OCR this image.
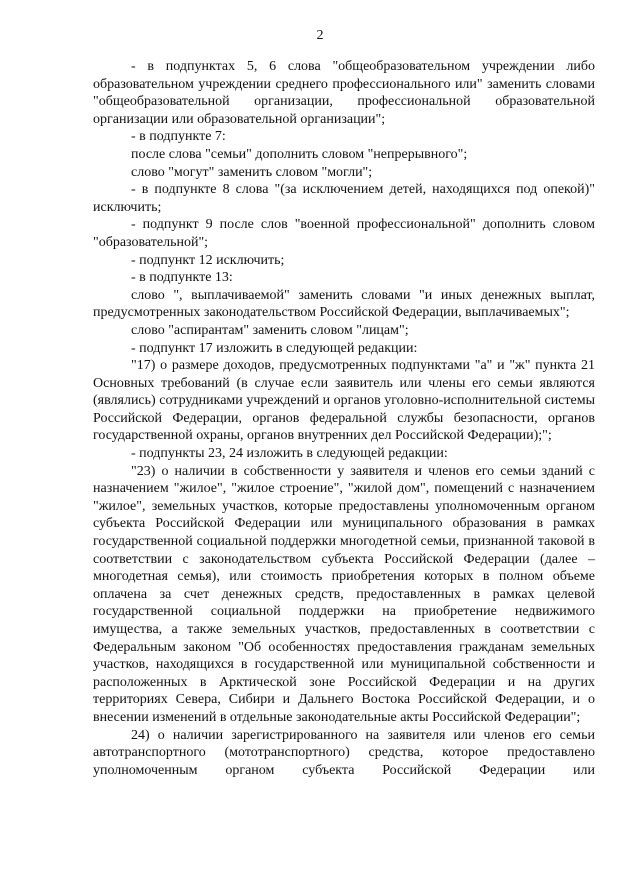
2

- в подпунктах 5, 6 слова "общеобразовательном учреждении либо образовательном учреждении среднего профессионального или" заменить словами "общеобразовательной организации, профессиональной образовательной организации или образовательной организации";

- в подпункте 7:

после слова "семьи" дополнить словом "непрерывного";

слово "могут" заменить словом "могли";

- в подпункте 8 слова "(за исключением детей, находящихся под опекой)" исключить;

- подпункт 9 после слов "военной профессиональной" дополнить словом "образовательной";

- подпункт 12 исключить;

- в подпункте 13:

слово ", выплачиваемой" заменить словами "и иных денежных выплат, предусмотренных законодательством Российской Федерации, выплачиваемых";

слово "аспирантам" заменить словом "лицам";

- подпункт 17 изложить в следующей редакции:

"17) о размере доходов, предусмотренных подпунктами "а" и "ж" пункта 21 Основных требований (в случае если заявитель или члены его семьи являются (являлись) сотрудниками учреждений и органов уголовно-исполнительной системы Российской Федерации, органов федеральной службы безопасности, органов государственной охраны, органов внутренних дел Российской Федерации);";

- подпункты 23, 24 изложить в следующей редакции:

"23) о наличии в собственности у заявителя и членов его семьи зданий с назначением "жилое", "жилое строение", "жилой дом", помещений с назначением "жилое", земельных участков, которые предоставлены уполномоченным органом субъекта Российской Федерации или муниципального образования в рамках государственной социальной поддержки многодетной семьи, признанной таковой в соответствии с законодательством субъекта Российской Федерации (далее – многодетная семья), или стоимость приобретения которых в полном объеме оплачена за счет денежных средств, предоставленных в рамках целевой государственной социальной поддержки на приобретение недвижимого имущества, а также земельных участков, предоставленных в соответствии с Федеральным законом "Об особенностях предоставления гражданам земельных участков, находящихся в государственной или муниципальной собственности и расположенных в Арктической зоне Российской Федерации и на других территориях Севера, Сибири и Дальнего Востока Российской Федерации, и о внесении изменений в отдельные законодательные акты Российской Федерации";

24) о наличии зарегистрированного на заявителя или членов его семьи автотранспортного (мототранспортного) средства, которое предоставлено уполномоченным органом субъекта Российской Федерации или
